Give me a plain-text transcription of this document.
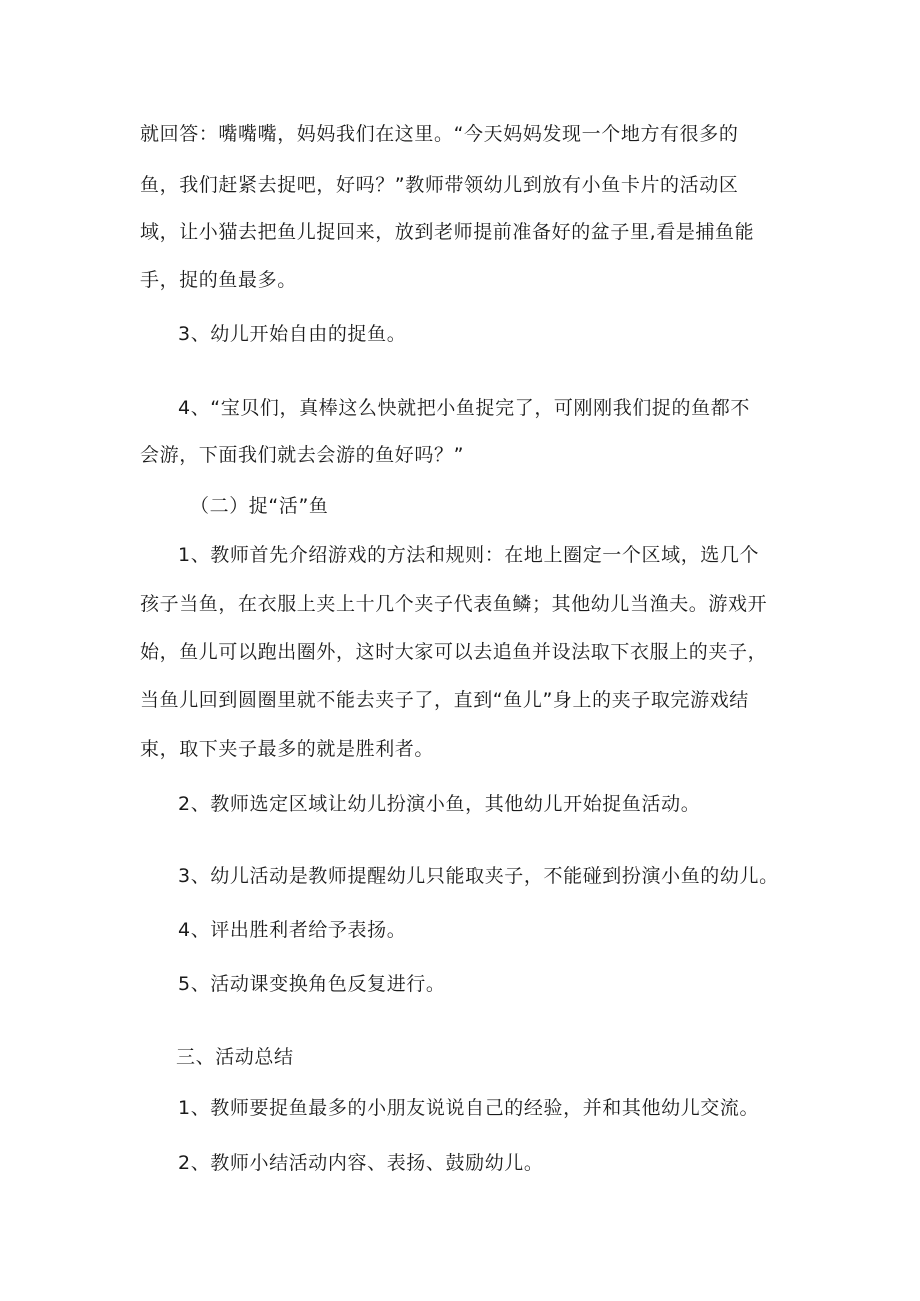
就回答：嘴嘴嘴，妈妈我们在这里。“今天妈妈发现一个地方有很多的
鱼，我们赶紧去捉吧，好吗？”教师带领幼儿到放有小鱼卡片的活动区
域，让小猫去把鱼儿捉回来，放到老师提前准备好的盆子里,看是捕鱼能
手，捉的鱼最多。
3、幼儿开始自由的捉鱼。
4、“宝贝们，真棒这么快就把小鱼捉完了，可刚刚我们捉的鱼都不
会游，下面我们就去会游的鱼好吗？”
（二）捉“活”鱼
1、教师首先介绍游戏的方法和规则：在地上圈定一个区域，选几个
孩子当鱼，在衣服上夹上十几个夹子代表鱼鳞；其他幼儿当渔夫。游戏开
始，鱼儿可以跑出圈外，这时大家可以去追鱼并设法取下衣服上的夹子，
当鱼儿回到圆圈里就不能去夹子了，直到“鱼儿”身上的夹子取完游戏结
束，取下夹子最多的就是胜利者。
2、教师选定区域让幼儿扮演小鱼，其他幼儿开始捉鱼活动。
3、幼儿活动是教师提醒幼儿只能取夹子，不能碰到扮演小鱼的幼儿。
4、评出胜利者给予表扬。
5、活动课变换角色反复进行。
三、活动总结
1、教师要捉鱼最多的小朋友说说自己的经验，并和其他幼儿交流。
2、教师小结活动内容、表扬、鼓励幼儿。
